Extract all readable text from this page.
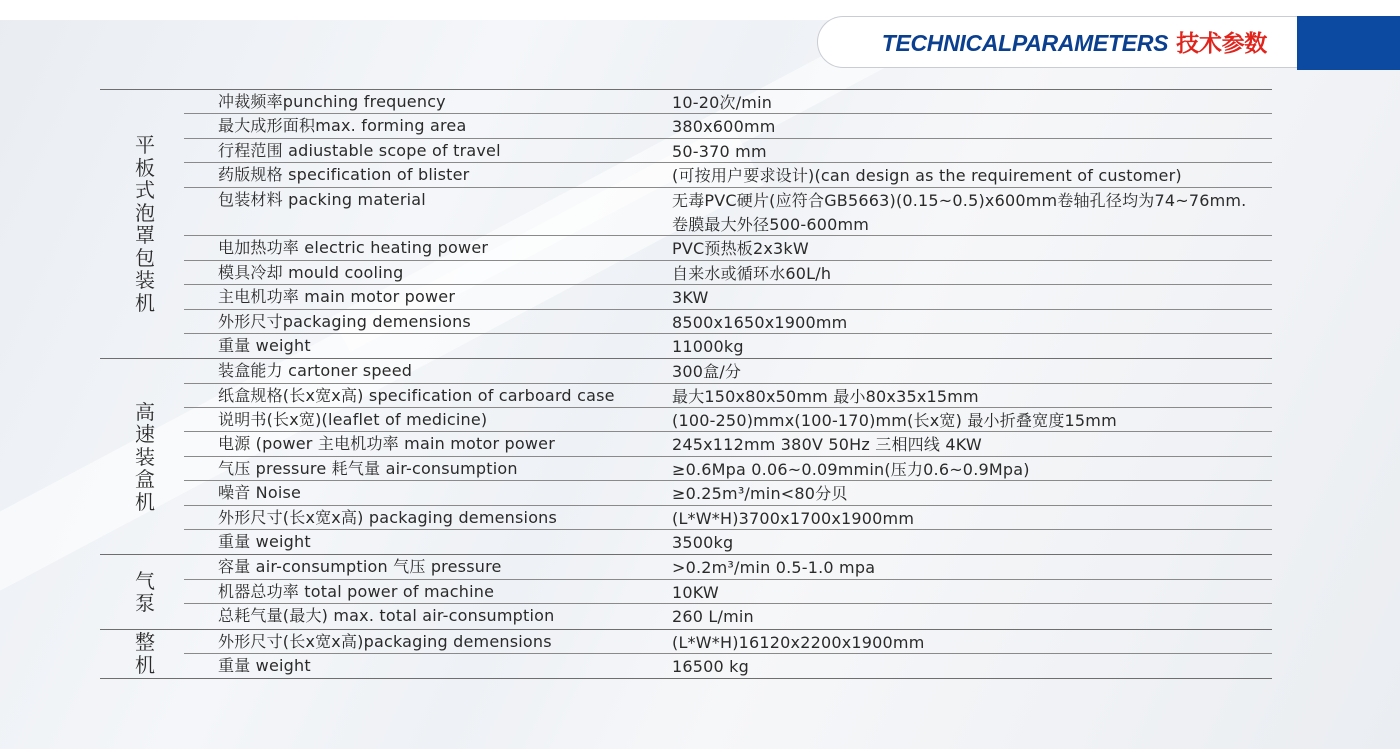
TECHNICALPARAMETERS 技术参数
平
板
式
泡
罩
包
装
机
冲裁频率punching frequency	10-20次/min
最大成形面积max. forming area	380x600mm
行程范围 adiustable scope of travel	50-370 mm
药版规格 specification of blister	(可按用户要求设计)(can design as the requirement of customer)
包装材料 packing material	无毒PVC硬片(应符合GB5663)(0.15~0.5)x600mm卷轴孔径均为74~76mm.
卷膜最大外径500-600mm
电加热功率 electric heating power	PVC预热板2x3kW
模具冷却 mould cooling	自来水或循环水60L/h
主电机功率 main motor power	3KW
外形尺寸packaging demensions	8500x1650x1900mm
重量 weight	11000kg
高
速
装
盒
机
装盒能力 cartoner speed	300盒/分
纸盒规格(长x宽x高) specification of carboard case	最大150x80x50mm 最小80x35x15mm
说明书(长x宽)(leaflet of medicine)	(100-250)mmx(100-170)mm(长x宽) 最小折叠宽度15mm
电源 (power 主电机功率 main motor power	245x112mm 380V 50Hz 三相四线 4KW
气压 pressure 耗气量 air-consumption	≥0.6Mpa 0.06~0.09mmin(压力0.6~0.9Mpa)
噪音 Noise	≥0.25m³/min<80分贝
外形尺寸(长x宽x高) packaging demensions	(L*W*H)3700x1700x1900mm
重量 weight	3500kg
气
泵
容量 air-consumption 气压 pressure	>0.2m³/min 0.5-1.0 mpa
机器总功率 total power of machine	10KW
总耗气量(最大) max. total air-consumption	260 L/min
整
机
外形尺寸(长x宽x高)packaging demensions	(L*W*H)16120x2200x1900mm
重量 weight	16500 kg
